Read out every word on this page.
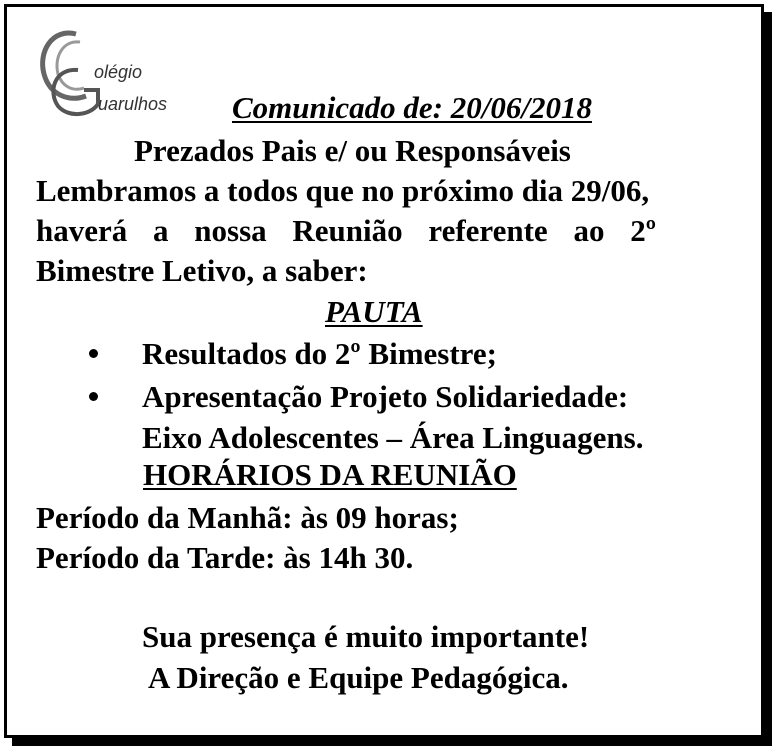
olégio
uarulhos Comunicado de: 20/06/2018
Prezados Pais e/ ou Responsáveis
Lembramos a todos que no próximo dia 29/06,
haverá a nossa Reunião referente ao 2º
Bimestre Letivo, a saber:
PAUTA
Resultados do 2º Bimestre;
Apresentação Projeto Solidariedade:
Eixo Adolescentes – Área Linguagens.
HORÁRIOS DA REUNIÃO
Período da Manhã: às 09 horas;
Período da Tarde: às 14h 30.
Sua presença é muito importante!
A Direção e Equipe Pedagógica.
